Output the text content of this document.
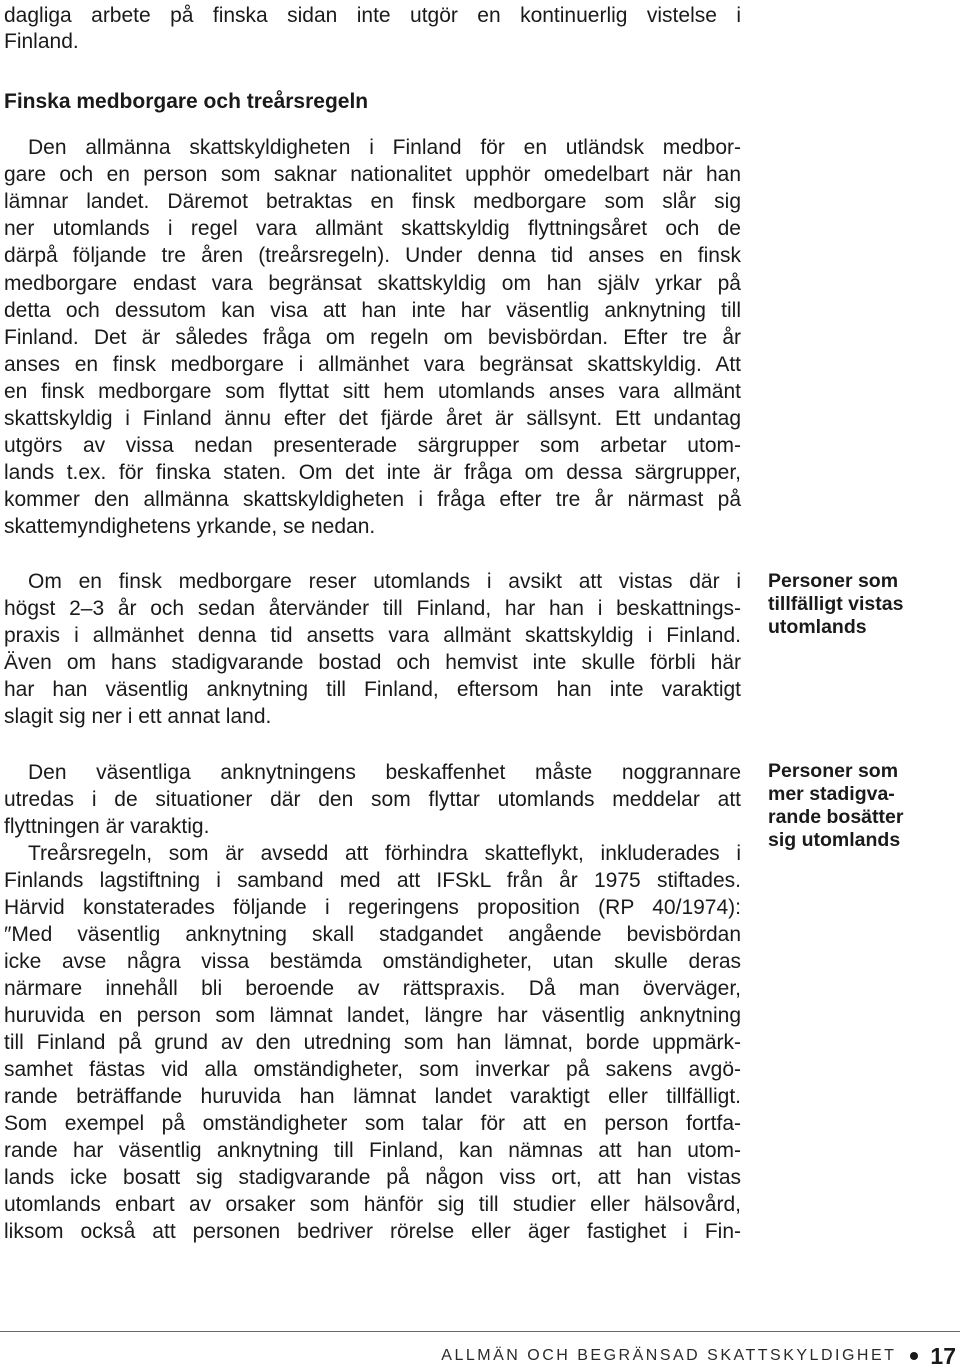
dagliga arbete på finska sidan inte utgör en kontinuerlig vistelse i
Finland.
Finska medborgare och treårsregeln
Den allmänna skattskyldigheten i Finland för en utländsk medbor-
gare och en person som saknar nationalitet upphör omedelbart när han
lämnar landet. Däremot betraktas en finsk medborgare som slår sig
ner utomlands i regel vara allmänt skattskyldig flyttningsåret och de
därpå följande tre åren (treårsregeln). Under denna tid anses en finsk
medborgare endast vara begränsat skattskyldig om han själv yrkar på
detta och dessutom kan visa att han inte har väsentlig anknytning till
Finland. Det är således fråga om regeln om bevisbördan. Efter tre år
anses en finsk medborgare i allmänhet vara begränsat skattskyldig. Att
en finsk medborgare som flyttat sitt hem utomlands anses vara allmänt
skattskyldig i Finland ännu efter det fjärde året är sällsynt. Ett undantag
utgörs av vissa nedan presenterade särgrupper som arbetar utom-
lands t.ex. för finska staten. Om det inte är fråga om dessa särgrupper,
kommer den allmänna skattskyldigheten i fråga efter tre år närmast på
skattemyndighetens yrkande, se nedan.
Om en finsk medborgare reser utomlands i avsikt att vistas där i
högst 2–3 år och sedan återvänder till Finland, har han i beskattnings-
praxis i allmänhet denna tid ansetts vara allmänt skattskyldig i Finland.
Även om hans stadigvarande bostad och hemvist inte skulle förbli här
har han väsentlig anknytning till Finland, eftersom han inte varaktigt
slagit sig ner i ett annat land.
Den väsentliga anknytningens beskaffenhet måste noggrannare
utredas i de situationer där den som flyttar utomlands meddelar att
flyttningen är varaktig.
Treårsregeln, som är avsedd att förhindra skatteflykt, inkluderades i
Finlands lagstiftning i samband med att IFSkL från år 1975 stiftades.
Härvid konstaterades följande i regeringens proposition (RP 40/1974):
″Med väsentlig anknytning skall stadgandet angående bevisbördan
icke avse några vissa bestämda omständigheter, utan skulle deras
närmare innehåll bli beroende av rättspraxis. Då man överväger,
huruvida en person som lämnat landet, längre har väsentlig anknytning
till Finland på grund av den utredning som han lämnat, borde uppmärk-
samhet fästas vid alla omständigheter, som inverkar på sakens avgö-
rande beträffande huruvida han lämnat landet varaktigt eller tillfälligt.
Som exempel på omständigheter som talar för att en person fortfa-
rande har väsentlig anknytning till Finland, kan nämnas att han utom-
lands icke bosatt sig stadigvarande på någon viss ort, att han vistas
utomlands enbart av orsaker som hänför sig till studier eller hälsovård,
liksom också att personen bedriver rörelse eller äger fastighet i Fin-
Personer som
tillfälligt vistas
utomlands
Personer som
mer stadigva-
rande bosätter
sig utomlands
ALLMÄN OCH BEGRÄNSAD SKATTSKYLDIGHET 17
